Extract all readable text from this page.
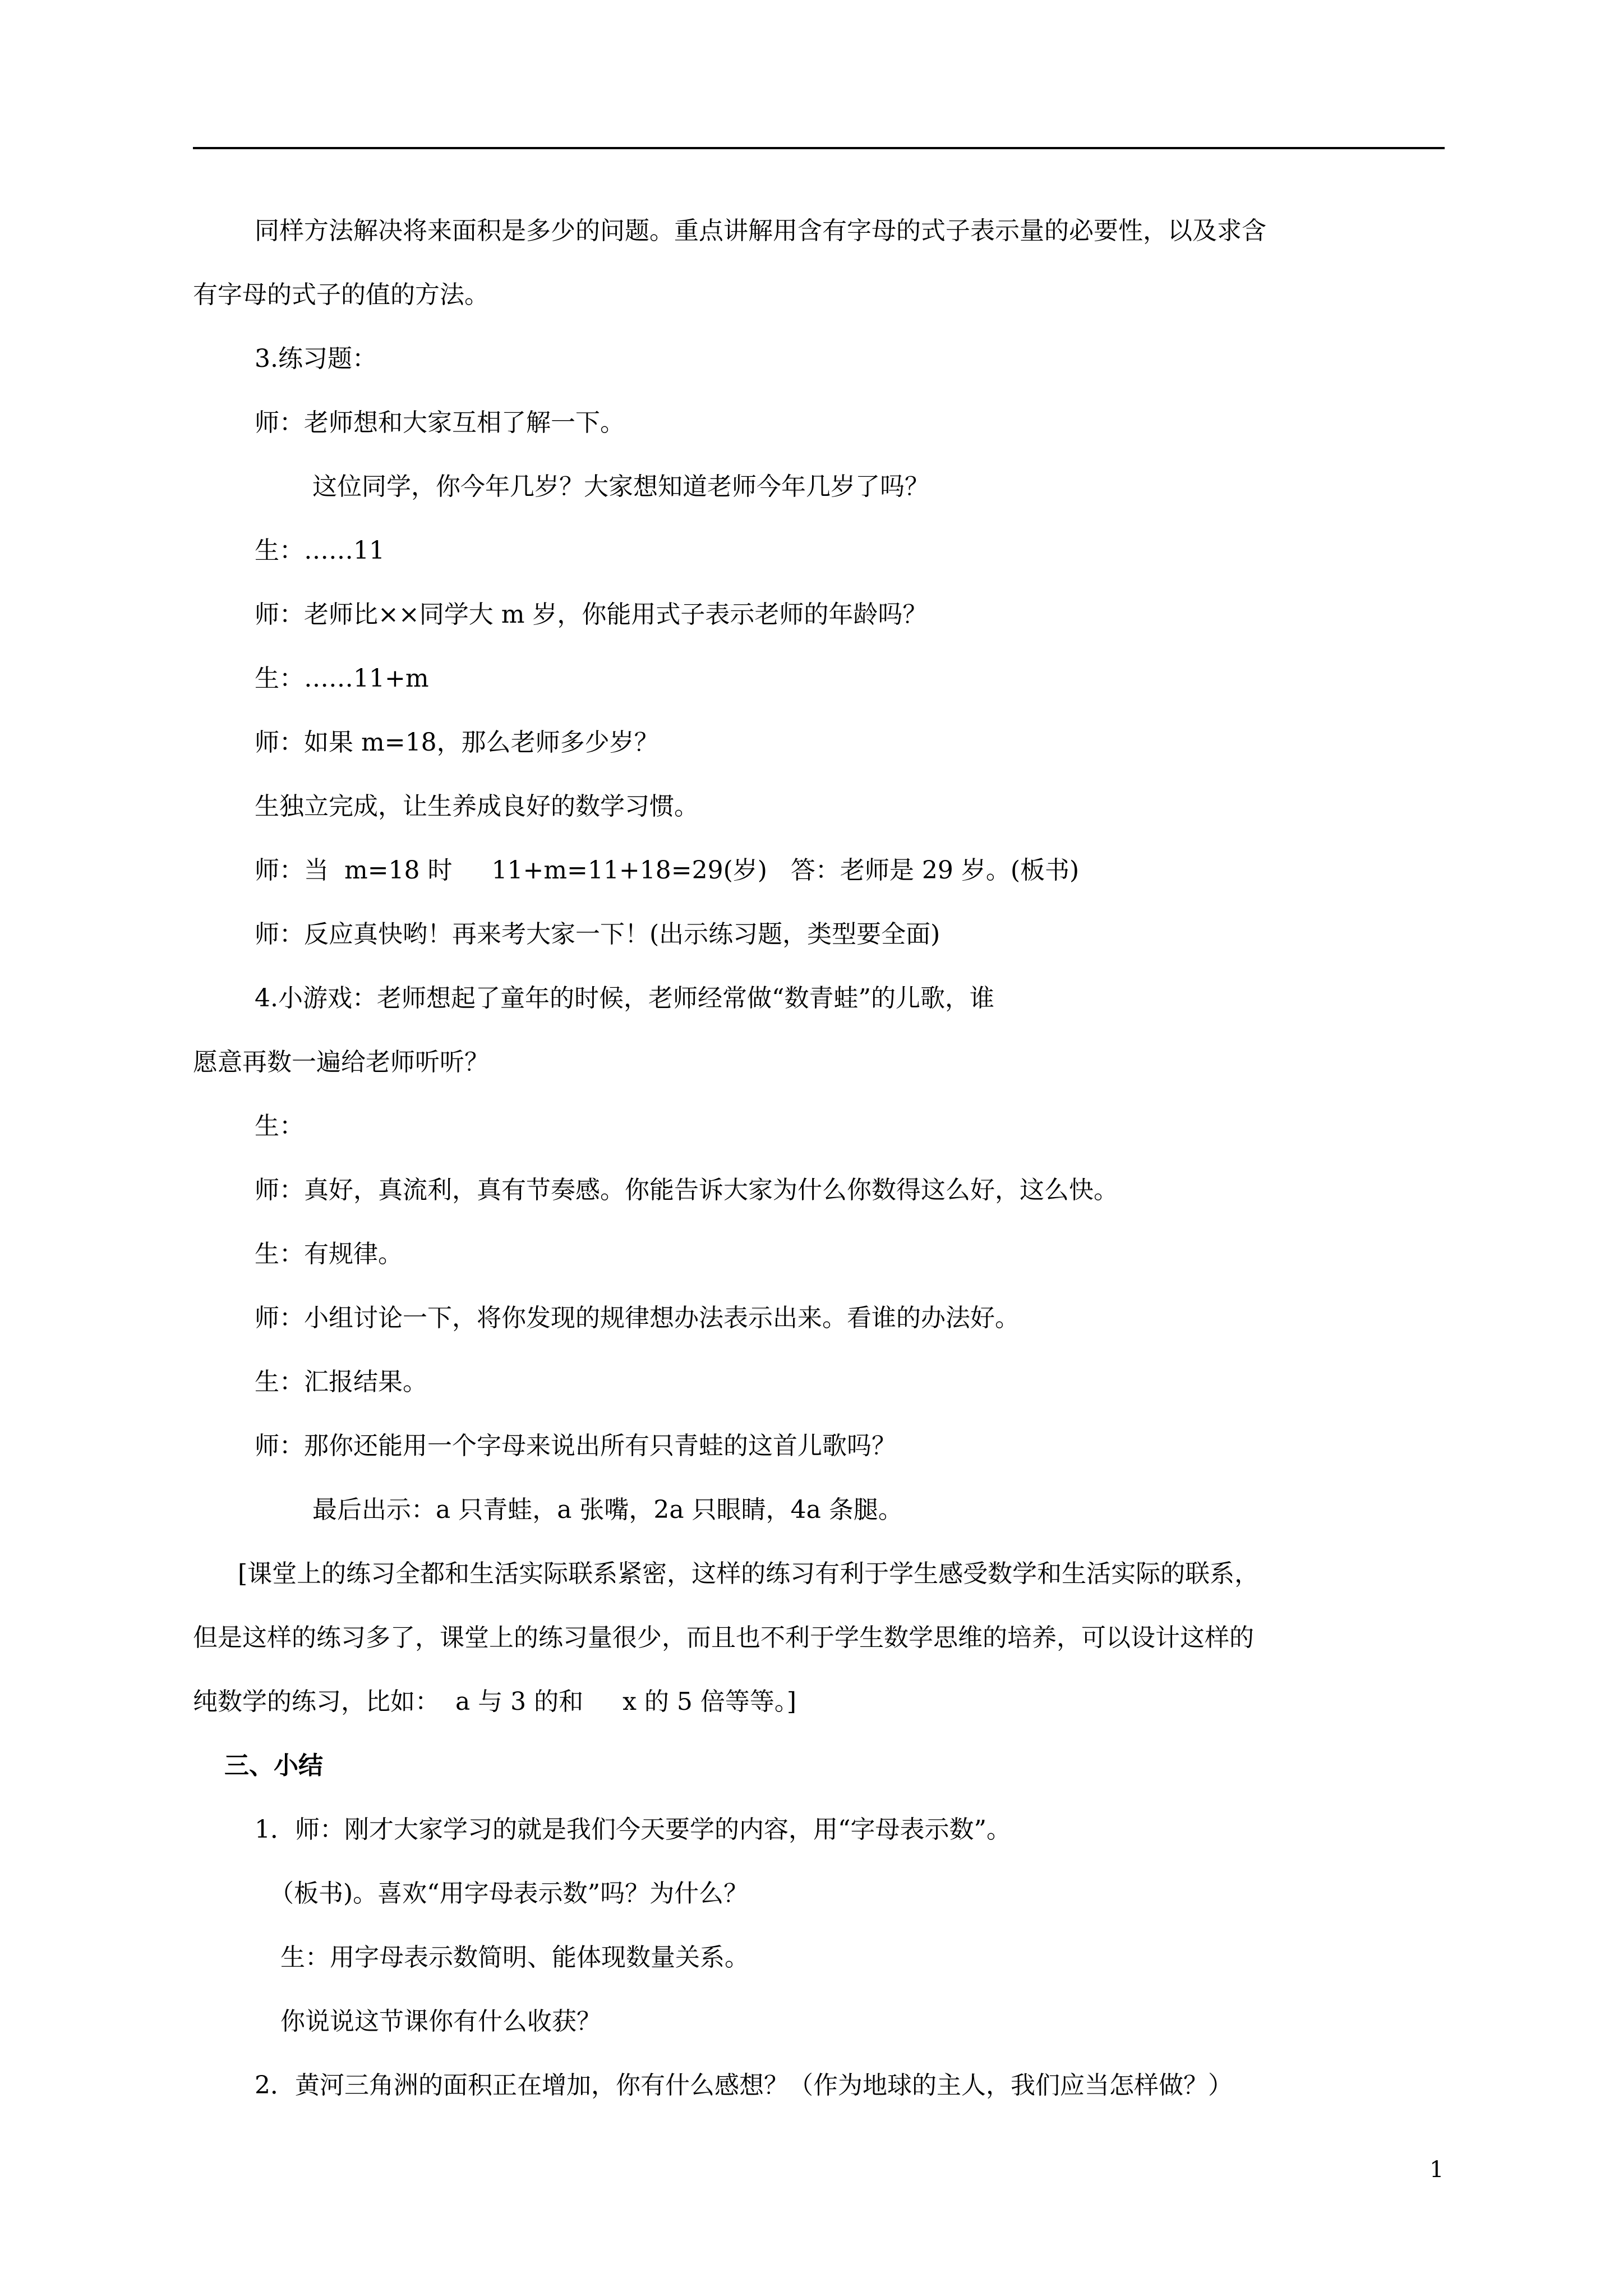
同样方法解决将来面积是多少的问题。重点讲解用含有字母的式子表示量的必要性，以及求含
有字母的式子的值的方法。
3.练习题：
师：老师想和大家互相了解一下。
这位同学，你今年几岁？大家想知道老师今年几岁了吗？
生：……11
师：老师比××同学大 m 岁，你能用式子表示老师的年龄吗？
生：……11+m
师：如果 m=18，那么老师多少岁？
生独立完成，让生养成良好的数学习惯。
师：当  m=18 时     11+m=11+18=29(岁)   答：老师是 29 岁。(板书)
师：反应真快哟！再来考大家一下！(出示练习题，类型要全面)
4.小游戏：老师想起了童年的时候，老师经常做“数青蛙”的儿歌，谁
愿意再数一遍给老师听听？
生：
师：真好，真流利，真有节奏感。你能告诉大家为什么你数得这么好，这么快。
生：有规律。
师：小组讨论一下，将你发现的规律想办法表示出来。看谁的办法好。
生：汇报结果。
师：那你还能用一个字母来说出所有只青蛙的这首儿歌吗？
最后出示：a 只青蛙，a 张嘴，2a 只眼睛，4a 条腿。
[课堂上的练习全都和生活实际联系紧密，这样的练习有利于学生感受数学和生活实际的联系，
但是这样的练习多了，课堂上的练习量很少，而且也不利于学生数学思维的培养，可以设计这样的
纯数学的练习，比如：  a 与 3 的和     x 的 5 倍等等。]
三、小结
1．师：刚才大家学习的就是我们今天要学的内容，用“字母表示数”。
（板书)。喜欢“用字母表示数”吗？为什么？
生：用字母表示数简明、能体现数量关系。
你说说这节课你有什么收获？
2．黄河三角洲的面积正在增加，你有什么感想？（作为地球的主人，我们应当怎样做？）
1
